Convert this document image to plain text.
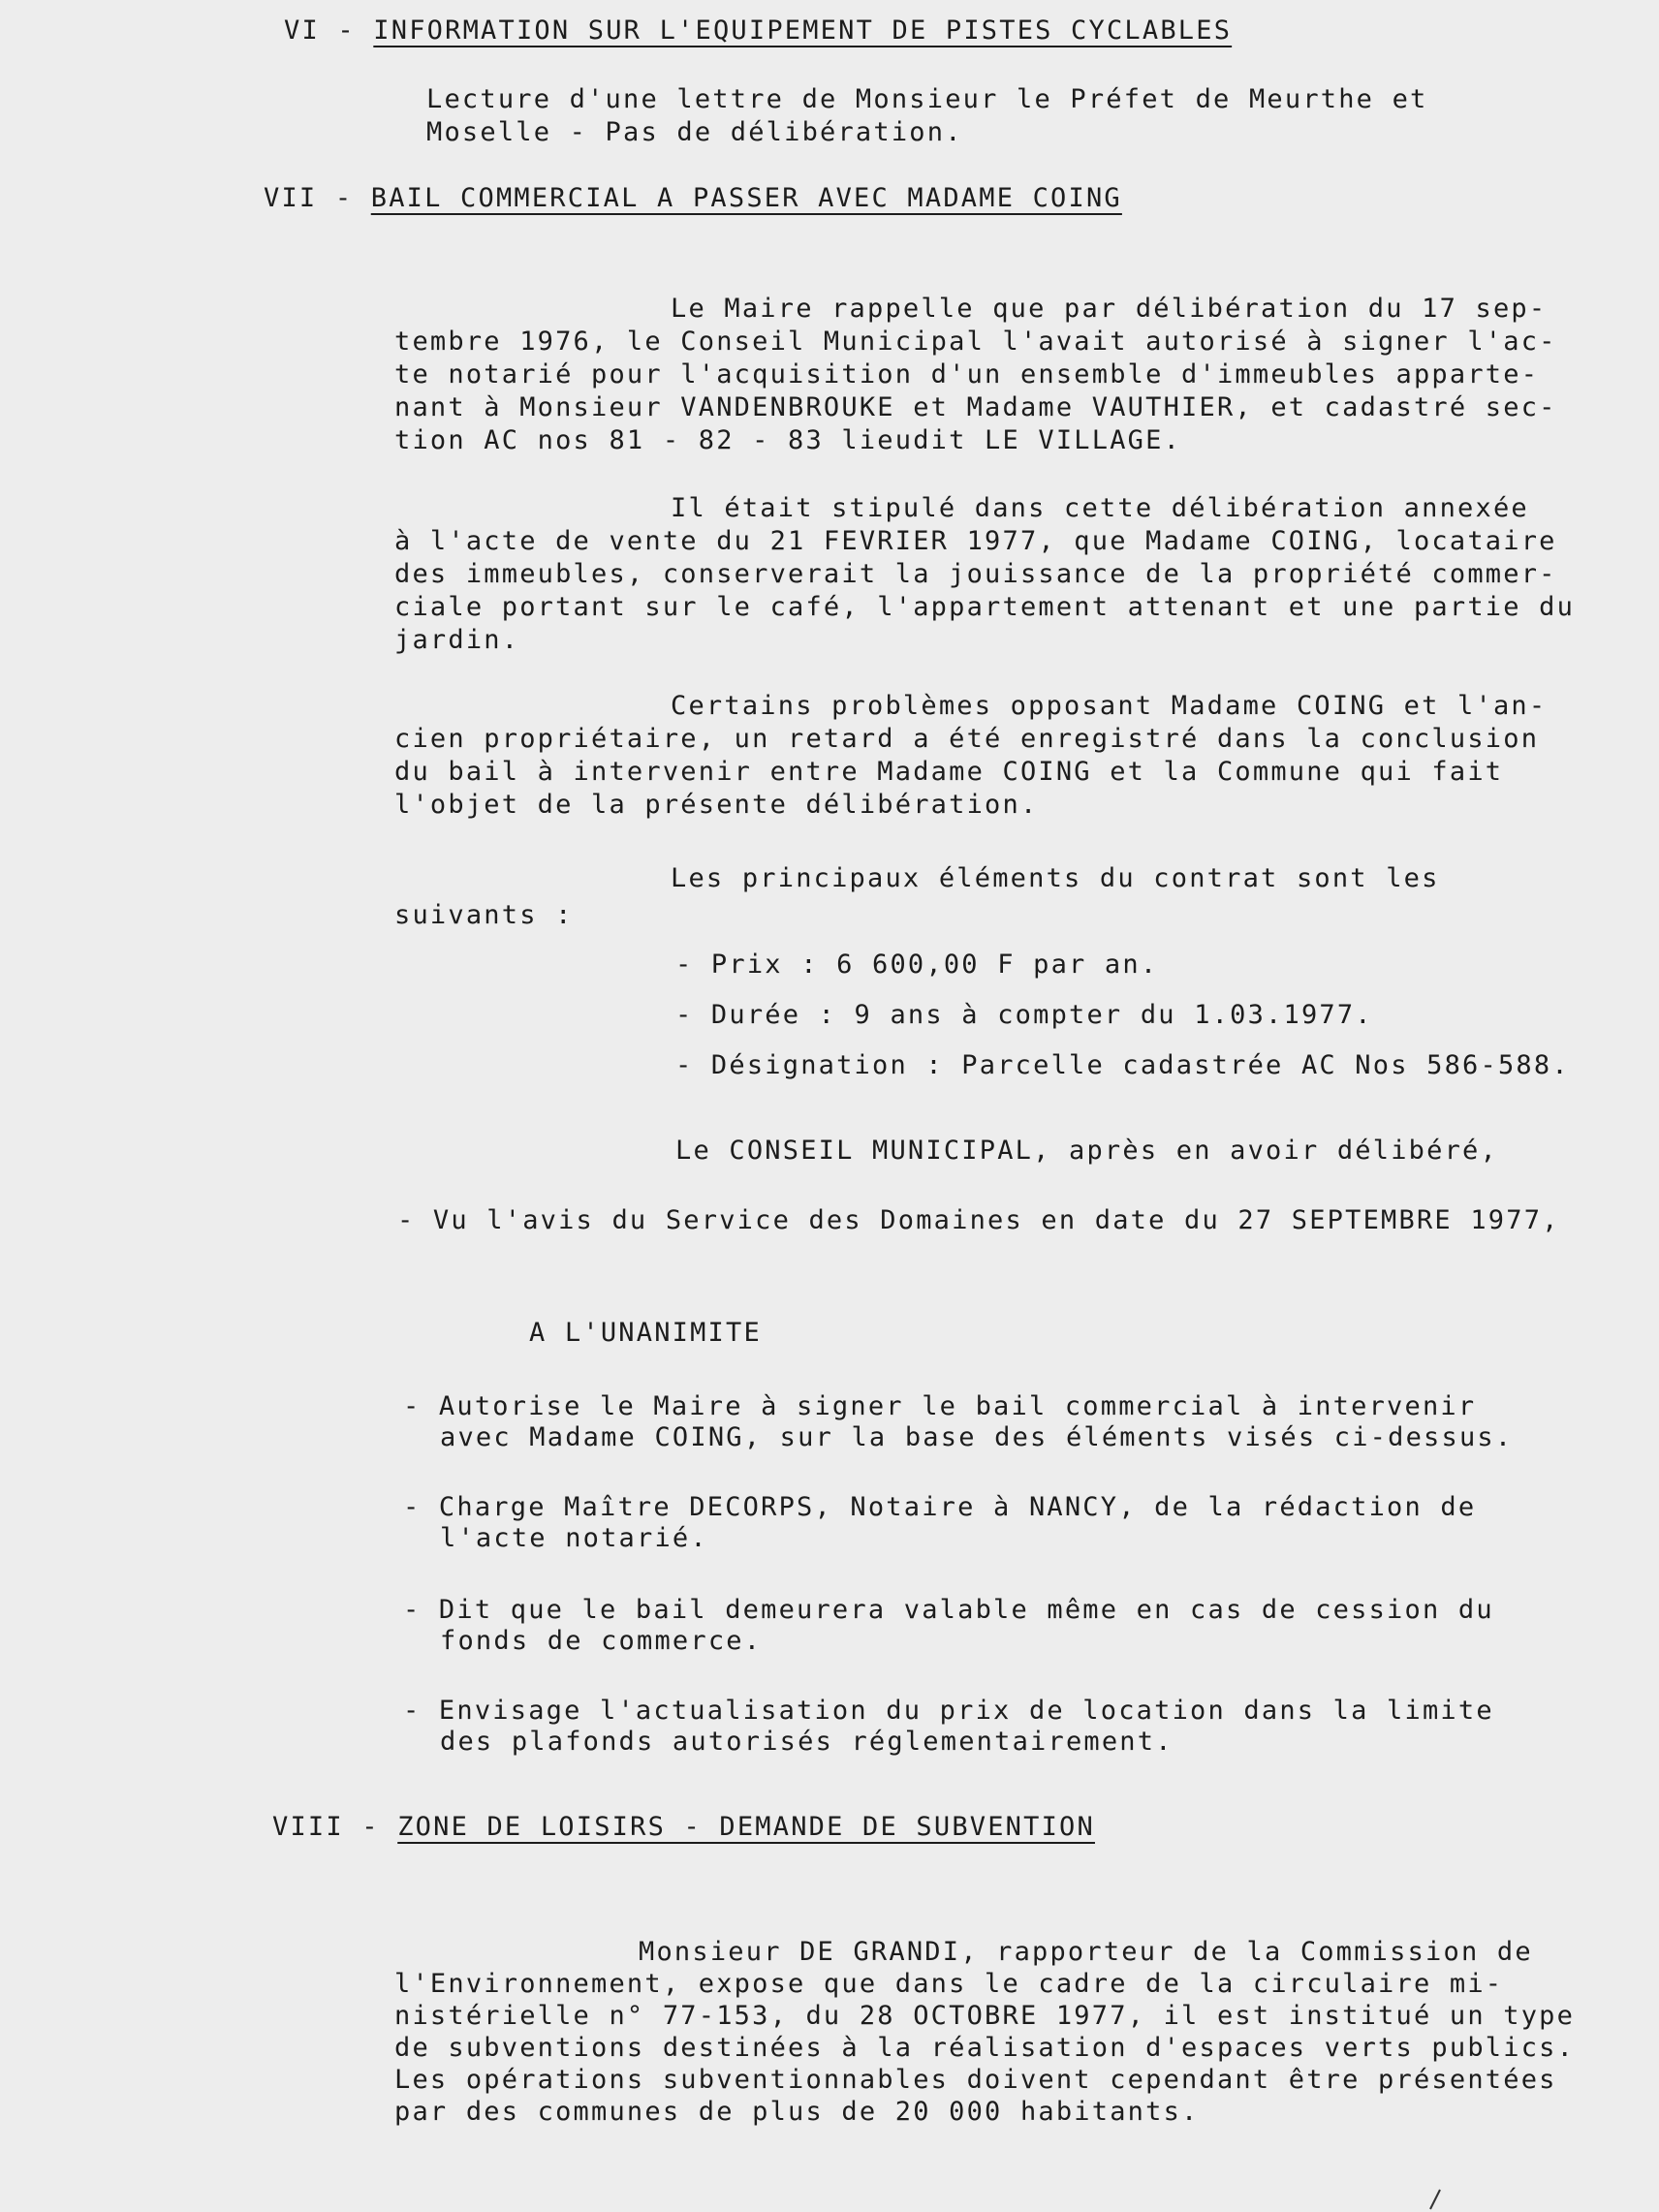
VI - INFORMATION SUR L'EQUIPEMENT DE PISTES CYCLABLES
Lecture d'une lettre de Monsieur le Préfet de Meurthe et
Moselle - Pas de délibération.
VII - BAIL COMMERCIAL A PASSER AVEC MADAME COING
Le Maire rappelle que par délibération du 17 sep-
tembre 1976, le Conseil Municipal l'avait autorisé à signer l'ac-
te notarié pour l'acquisition d'un ensemble d'immeubles apparte-
nant à Monsieur VANDENBROUKE et Madame VAUTHIER, et cadastré sec-
tion AC nos 81 - 82 - 83 lieudit LE VILLAGE.
Il était stipulé dans cette délibération annexée
à l'acte de vente du 21 FEVRIER 1977, que Madame COING, locataire
des immeubles, conserverait la jouissance de la propriété commer-
ciale portant sur le café, l'appartement attenant et une partie du
jardin.
Certains problèmes opposant Madame COING et l'an-
cien propriétaire, un retard a été enregistré dans la conclusion
du bail à intervenir entre Madame COING et la Commune qui fait
l'objet de la présente délibération.
Les principaux éléments du contrat sont les
suivants :
- Prix : 6 600,00 F par an.
- Durée : 9 ans à compter du 1.03.1977.
- Désignation : Parcelle cadastrée AC Nos 586-588.
Le CONSEIL MUNICIPAL, après en avoir délibéré,
- Vu l'avis du Service des Domaines en date du 27 SEPTEMBRE 1977,
A L'UNANIMITE
- Autorise le Maire à signer le bail commercial à intervenir
avec Madame COING, sur la base des éléments visés ci-dessus.
- Charge Maître DECORPS, Notaire à NANCY, de la rédaction de
l'acte notarié.
- Dit que le bail demeurera valable même en cas de cession du
fonds de commerce.
- Envisage l'actualisation du prix de location dans la limite
des plafonds autorisés réglementairement.
VIII - ZONE DE LOISIRS - DEMANDE DE SUBVENTION
Monsieur DE GRANDI, rapporteur de la Commission de
l'Environnement, expose que dans le cadre de la circulaire mi-
nistérielle n° 77-153, du 28 OCTOBRE 1977, il est institué un type
de subventions destinées à la réalisation d'espaces verts publics.
Les opérations subventionnables doivent cependant être présentées
par des communes de plus de 20 000 habitants.
